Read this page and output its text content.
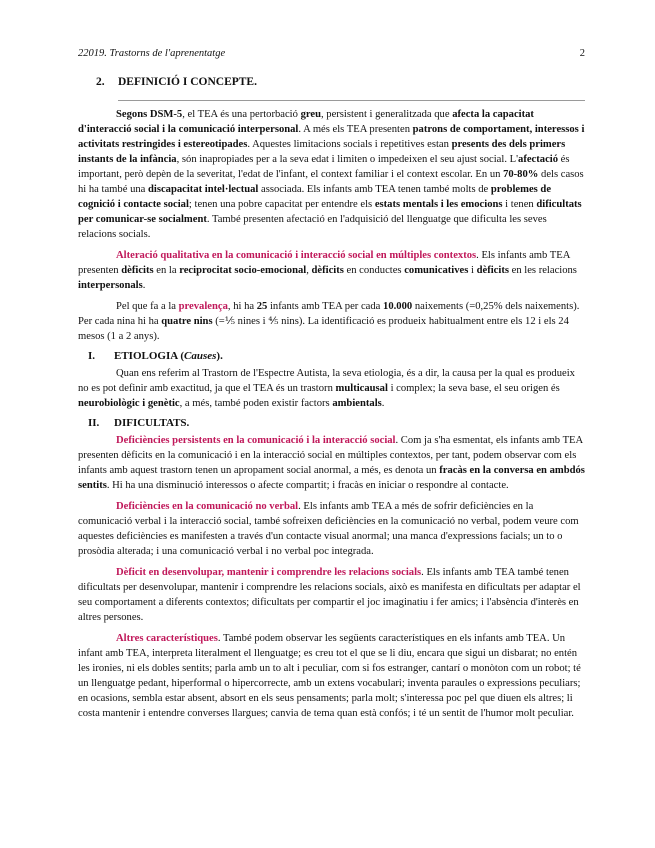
22019. Trastorns de l'aprenentatge	2
2. DEFINICIÓ I CONCEPTE.

Segons DSM-5, el TEA és una pertorbació greu, persistent i generalitzada que afecta la capacitat d'interacció social i la comunicació interpersonal. A més els TEA presenten patrons de comportament, interessos i activitats restringides i estereotipades. Aquestes limitacions socials i repetitives estan presents des dels primers instants de la infància, són inapropiades per a la seva edat i limiten o impedeixen el seu ajust social. L'afectació és important, però depèn de la severitat, l'edat de l'infant, el context familiar i el context escolar. En un 70-80% dels casos hi ha també una discapacitat intel·lectual associada. Els infants amb TEA tenen també molts de problemes de cognició i contacte social; tenen una pobre capacitat per entendre els estats mentals i les emocions i tenen dificultats per comunicar-se socialment. També presenten afectació en l'adquisició del llenguatge que dificulta les seves relacions socials.

Alteració qualitativa en la comunicació i interacció social en múltiples contextos. Els infants amb TEA presenten dèficits en la reciprocitat socio-emocional, dèficits en conductes comunicatives i dèficits en les relacions interpersonals.

Pel que fa a la prevalença, hi ha 25 infants amb TEA per cada 10.000 naixements (=0,25% dels naixements). Per cada nina hi ha quatre nins (=⅕ nines i ⅘ nins). La identificació es produeix habitualment entre els 12 i els 24 mesos (1 a 2 anys).

I. ETIOLOGIA (Causes).

Quan ens referim al Trastorn de l'Espectre Autista, la seva etiologia, és a dir, la causa per la qual es produeix no es pot definir amb exactitud, ja que el TEA és un trastorn multicausal i complex; la seva base, el seu origen és neurobiològic i genètic, a més, també poden existir factors ambientals.

II. DIFICULTATS.

Deficiències persistents en la comunicació i la interacció social. Com ja s'ha esmentat, els infants amb TEA presenten dèficits en la comunicació i en la interacció social en múltiples contextos, per tant, podem observar com els infants amb aquest trastorn tenen un apropament social anormal, a més, es denota un fracàs en la conversa en ambdós sentits. Hi ha una disminució interessos o afecte compartit; i fracàs en iniciar o respondre al contacte.

Deficiències en la comunicació no verbal. Els infants amb TEA a més de sofrir deficiències en la comunicació verbal i la interacció social, també sofreixen deficiències en la comunicació no verbal, podem veure com aquestes deficiències es manifesten a través d'un contacte visual anormal; una manca d'expressions facials; un to o prosòdia alterada; i una comunicació verbal i no verbal poc integrada.

Dèficit en desenvolupar, mantenir i comprendre les relacions socials. Els infants amb TEA també tenen dificultats per desenvolupar, mantenir i comprendre les relacions socials, això es manifesta en dificultats per adaptar el seu comportament a diferents contextos; dificultats per compartir el joc imaginatiu i fer amics; i l'absència d'interès en altres persones.

Altres característiques. També podem observar les següents característiques en els infants amb TEA. Un infant amb TEA, interpreta literalment el llenguatge; es creu tot el que se li diu, encara que sigui un disbarat; no entén les ironies, ni els dobles sentits; parla amb un to alt i peculiar, com si fos estranger, cantarí o monòton com un robot; té un llenguatge pedant, hiperformal o hipercorrecte, amb un extens vocabulari; inventa paraules o expressions peculiars; en ocasions, sembla estar absent, absort en els seus pensaments; parla molt; s'interessa poc pel que diuen els altres; li costa mantenir i entendre converses llargues; canvia de tema quan està confós; i té un sentit de l'humor molt peculiar.
